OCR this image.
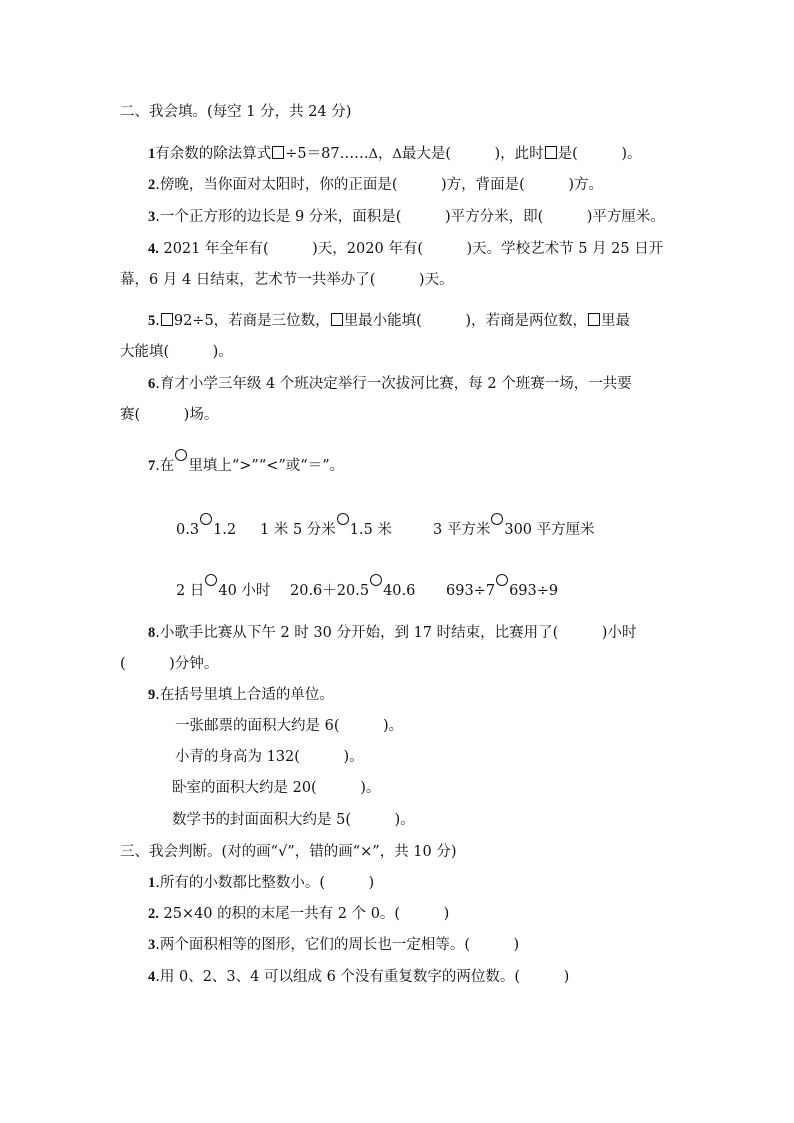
二、我会填。(每空 1 分，共 24 分)
1有余数的除法算式 ÷5＝87……Δ，Δ最大是(　　　)，此时 是(　　　)。
2.傍晚，当你面对太阳时，你的正面是(　　　)方，背面是(　　　)方。
3.一个正方形的边长是 9 分米，面积是(　　　)平方分米，即(　　　)平方厘米。
4. 2021 年全年有(　　　)天，2020 年有(　　　)天。学校艺术节 5 月 25 日开
幕，6 月 4 日结束，艺术节一共举办了(　　　)天。
5. 92÷5，若商是三位数， 里最小能填(　　　)，若商是两位数， 里最
大能填(　　　)。
6.育才小学三年级 4 个班决定举行一次拔河比赛，每 2 个班赛一场，一共要
赛(　　　)场。
7.在 里填上“>”“<”或“＝”。
0.3 1.2 1 米 5 分米 1.5 米	3 平方米 300 平方厘米
2 日 40 小时 20.6＋20.5 40.6 693÷7 693÷9
8.小歌手比赛从下午 2 时 30 分开始，到 17 时结束，比赛用了(　　　)小时
(　　　)分钟。
9.在括号里填上合适的单位。
一张邮票的面积大约是 6(　　　)。
小青的身高为 132(　　　)。
卧室的面积大约是 20(　　　)。
数学书的封面面积大约是 5(　　　)。
三、我会判断。(对的画“√”，错的画“×”，共 10 分)
1.所有的小数都比整数小。(　　　)
2. 25×40 的积的末尾一共有 2 个 0。(　　　)
3.两个面积相等的图形，它们的周长也一定相等。(　　　)
4.用 0、2、3、4 可以组成 6 个没有重复数字的两位数。(　　　)
